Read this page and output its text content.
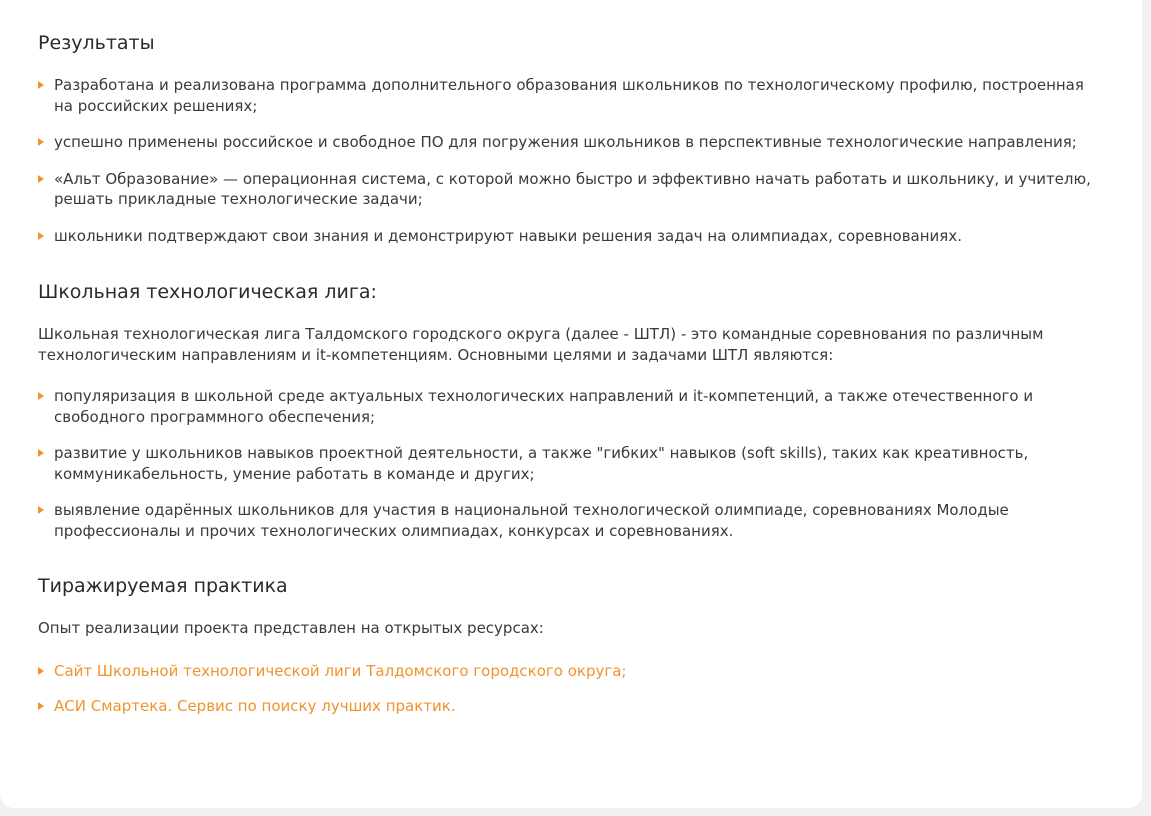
Результаты
Разработана и реализована программа дополнительного образования школьников по технологическому профилю, построенная на российских решениях;
успешно применены российское и свободное ПО для погружения школьников в перспективные технологические направления;
«Альт Образование» — операционная система, с которой можно быстро и эффективно начать работать и школьнику, и учителю, решать прикладные технологические задачи;
школьники подтверждают свои знания и демонстрируют навыки решения задач на олимпиадах, соревнованиях.
Школьная технологическая лига:

Школьная технологическая лига Талдомского городского округа (далее - ШТЛ) - это командные соревнования по различным технологическим направлениям и it-компетенциям. Основными целями и задачами ШТЛ являются:

популяризация в школьной среде актуальных технологических направлений и it-компетенций, а также отечественного и свободного программного обеспечения;
развитие у школьников навыков проектной деятельности, а также "гибких" навыков (soft skills), таких как креативность, коммуникабельность, умение работать в команде и других;
выявление одарённых школьников для участия в национальной технологической олимпиаде, соревнованиях Молодые профессионалы и прочих технологических олимпиадах, конкурсах и соревнованиях.
Тиражируемая практика

Опыт реализации проекта представлен на открытых ресурсах:

Сайт Школьной технологической лиги Талдомского городского округа;
АСИ Смартека. Сервис по поиску лучших практик.
